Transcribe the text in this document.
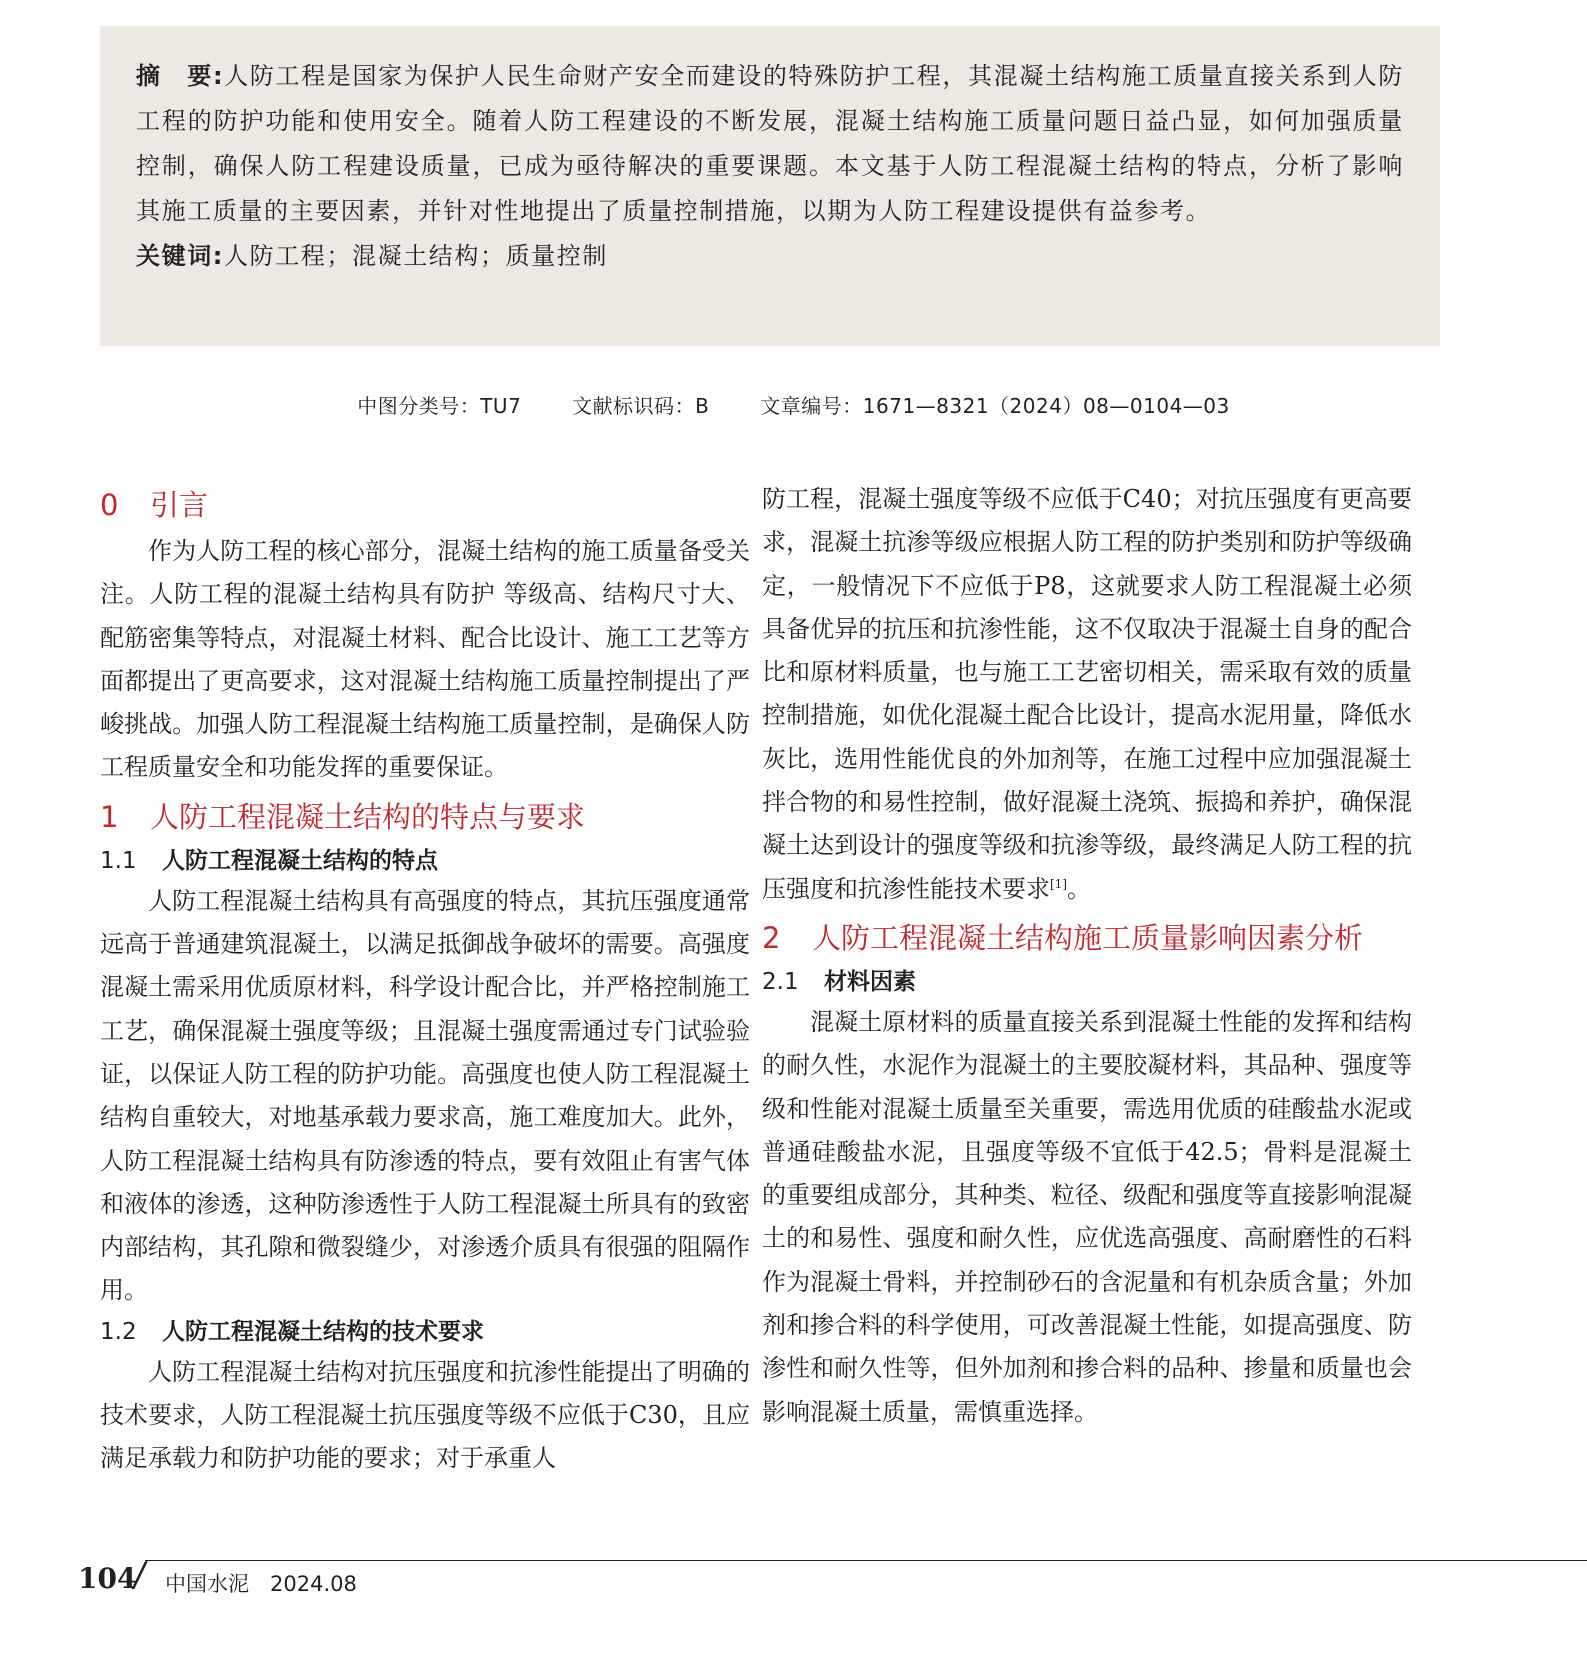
摘　要:人防工程是国家为保护人民生命财产安全而建设的特殊防护工程，其混凝土结构施工质量直接关系到人防工程的防护功能和使用安全。随着人防工程建设的不断发展，混凝土结构施工质量问题日益凸显，如何加强质量控制，确保人防工程建设质量，已成为亟待解决的重要课题。本文基于人防工程混凝土结构的特点，分析了影响其施工质量的主要因素，并针对性地提出了质量控制措施，以期为人防工程建设提供有益参考。

关键词:人防工程；混凝土结构；质量控制

中图分类号：TU7	文献标识码：B	文章编号：1671—8321（2024）08—0104—03
0 引言

作为人防工程的核心部分，混凝土结构的施工质量备受关注。人防工程的混凝土结构具有防护 等级高、结构尺寸大、配筋密集等特点，对混凝土材料、配合比设计、施工工艺等方面都提出了更高要求，这对混凝土结构施工质量控制提出了严峻挑战。加强人防工程混凝土结构施工质量控制，是确保人防工程质量安全和功能发挥的重要保证。

1 人防工程混凝土结构的特点与要求
1.1 人防工程混凝土结构的特点

人防工程混凝土结构具有高强度的特点，其抗压强度通常远高于普通建筑混凝土，以满足抵御战争破坏的需要。高强度混凝土需采用优质原材料，科学设计配合比，并严格控制施工工艺，确保混凝土强度等级；且混凝土强度需通过专门试验验证，以保证人防工程的防护功能。高强度也使人防工程混凝土结构自重较大，对地基承载力要求高，施工难度加大。此外，人防工程混凝土结构具有防渗透的特点，要有效阻止有害气体和液体的渗透，这种防渗透性于人防工程混凝土所具有的致密内部结构，其孔隙和微裂缝少，对渗透介质具有很强的阻隔作用。

1.2 人防工程混凝土结构的技术要求

人防工程混凝土结构对抗压强度和抗渗性能提出了明确的技术要求，人防工程混凝土抗压强度等级不应低于C30，且应满足承载力和防护功能的要求；对于承重人

防工程，混凝土强度等级不应低于C40；对抗压强度有更高要求，混凝土抗渗等级应根据人防工程的防护类别和防护等级确定，一般情况下不应低于P8，这就要求人防工程混凝土必须具备优异的抗压和抗渗性能，这不仅取决于混凝土自身的配合比和原材料质量，也与施工工艺密切相关，需采取有效的质量控制措施，如优化混凝土配合比设计，提高水泥用量，降低水灰比，选用性能优良的外加剂等，在施工过程中应加强混凝土拌合物的和易性控制，做好混凝土浇筑、振捣和养护，确保混凝土达到设计的强度等级和抗渗等级，最终满足人防工程的抗压强度和抗渗性能技术要求[1]。

2 人防工程混凝土结构施工质量影响因素分析
2.1 材料因素

混凝土原材料的质量直接关系到混凝土性能的发挥和结构的耐久性，水泥作为混凝土的主要胶凝材料，其品种、强度等级和性能对混凝土质量至关重要，需选用优质的硅酸盐水泥或普通硅酸盐水泥，且强度等级不宜低于42.5；骨料是混凝土的重要组成部分，其种类、粒径、级配和强度等直接影响混凝土的和易性、强度和耐久性，应优选高强度、高耐磨性的石料作为混凝土骨料，并控制砂石的含泥量和有机杂质含量；外加剂和掺合料的科学使用，可改善混凝土性能，如提高强度、防渗性和耐久性等，但外加剂和掺合料的品种、掺量和质量也会影响混凝土质量，需慎重选择。

104
/ 中国水泥　2024.08
